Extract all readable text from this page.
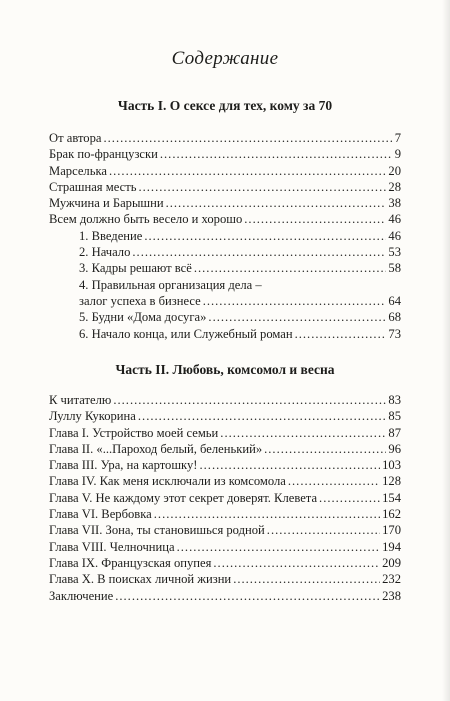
Содержание
Часть I. О сексе для тех, кому за 70
От автора .....	7
Брак по-французски .....	9
Марселька .....	20
Страшная месть .....	28
Мужчина и Барышни .....	38
Всем должно быть весело и хорошо .....	46
1. Введение .....	46
2. Начало .....	53
3. Кадры решают всё .....	58
4. Правильная организация дела –
залог успеха в бизнесе .....	64
5. Будни «Дома досуга» .....	68
6. Начало конца, или Служебный роман .....	73
Часть II. Любовь, комсомол и весна
К читателю .....	83
Луллу Кукорина .....	85
Глава I. Устройство моей семьи .....	87
Глава II. «...Пароход белый, беленький» .....	96
Глава III. Ура, на картошку! .....	103
Глава IV. Как меня исключали из комсомола .....	128
Глава V. Не каждому этот секрет доверят. Клевета .....	154
Глава VI. Вербовка .....	162
Глава VII. Зона, ты становишься родной .....	170
Глава VIII. Челночница .....	194
Глава IX. Французская опупея .....	209
Глава X. В поисках личной жизни .....	232
Заключение .....	238
